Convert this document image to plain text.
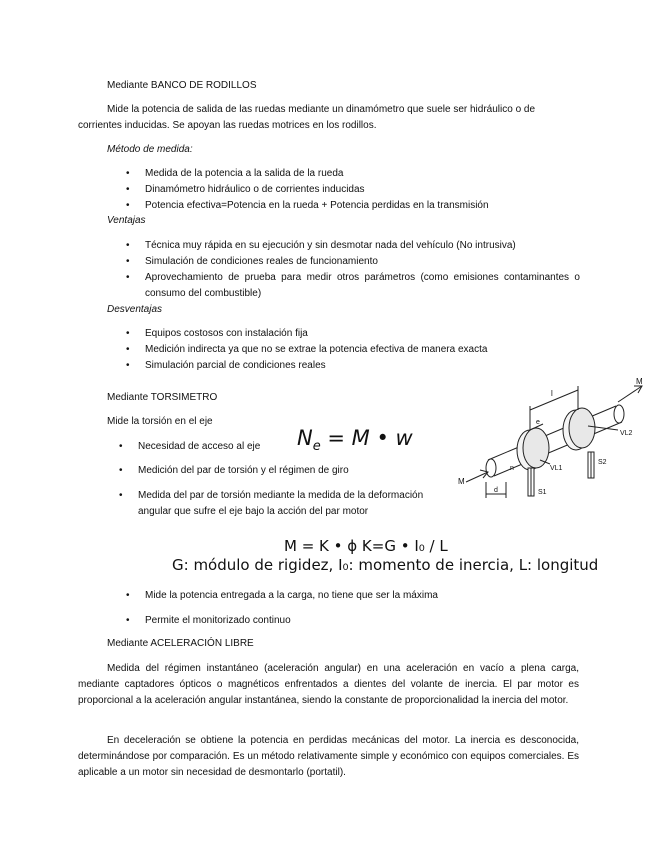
Mediante BANCO DE RODILLOS
Mide la potencia de salida de las ruedas mediante un dinamómetro que suele ser hidráulico o de
corrientes inducidas. Se apoyan las ruedas motrices en los rodillos.
Método de medida:
• Medida de la potencia a la salida de la rueda
• Dinamómetro hidráulico o de corrientes inducidas
• Potencia efectiva=Potencia en la rueda + Potencia perdidas en la transmisión
Ventajas
• Técnica muy rápida en su ejecución y sin desmotar nada del vehículo (No intrusiva)
• Simulación de condiciones reales de funcionamiento
• Aprovechamiento de prueba para medir otros parámetros (como emisiones contaminantes o consumo del combustible)
Desventajas
• Equipos costosos con instalación fija
• Medición indirecta ya que no se extrae la potencia efectiva de manera exacta
• Simulación parcial de condiciones reales
Mediante TORSIMETRO
Mide la torsión en el eje
• Necesidad de acceso al eje	$N_e = M$ • w
• Medición del par de torsión y el régimen de giro
• Medida del par de torsión mediante la medida de la deformación angular que sufre el eje bajo la acción del par motor
M
M
l
e
VL2
VL1
S2
S1
d
n
M = K • ϕ K=G • I₀ / L
G: módulo de rigidez, I₀: momento de inercia, L: longitud
• Mide la potencia entregada a la carga, no tiene que ser la máxima
• Permite el monitorizado continuo
Mediante ACELERACIÓN LIBRE
Medida del régimen instantáneo (aceleración angular) en una aceleración en vacío a plena carga, mediante captadores ópticos o magnéticos enfrentados a dientes del volante de inercia. El par motor es proporcional a la aceleración angular instantánea, siendo la constante de proporcionalidad la inercia del motor.
En deceleración se obtiene la potencia en perdidas mecánicas del motor. La inercia es desconocida, determinándose por comparación. Es un método relativamente simple y económico con equipos comerciales. Es aplicable a un motor sin necesidad de desmontarlo (portatil).
